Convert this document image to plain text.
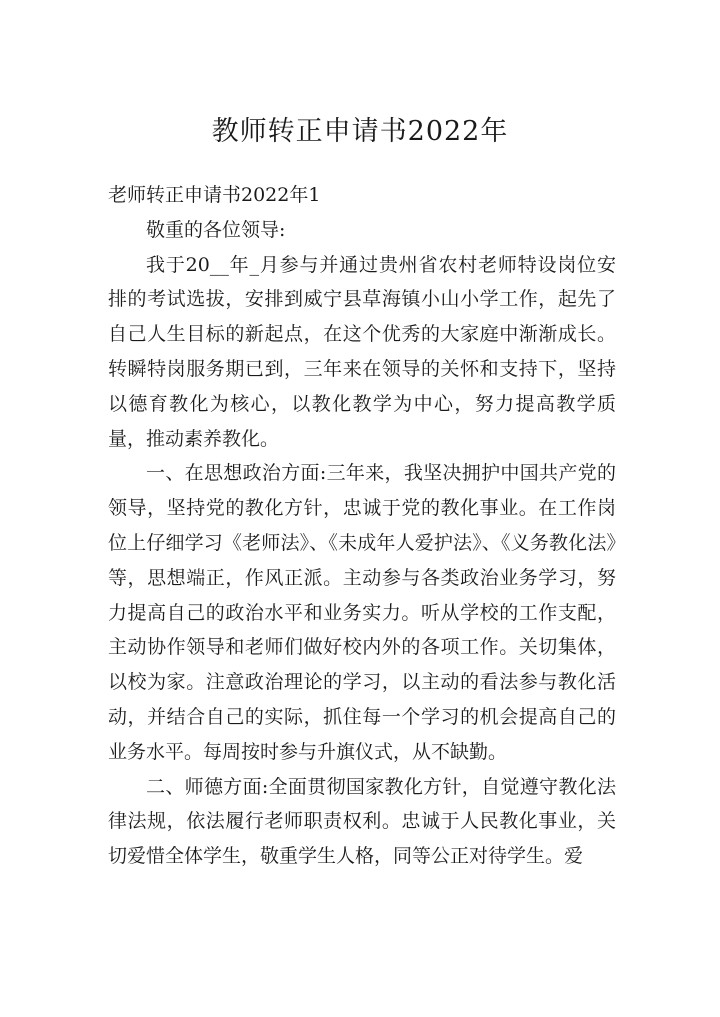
教师转正申请书2022年

老师转正申请书2022年1

敬重的各位领导:

我于20__年_月参与并通过贵州省农村老师特设岗位安排的考试选拔，安排到威宁县草海镇小山小学工作，起先了自己人生目标的新起点，在这个优秀的大家庭中渐渐成长。转瞬特岗服务期已到，三年来在领导的关怀和支持下，坚持以德育教化为核心，以教化教学为中心，努力提高教学质量，推动素养教化。

一、在思想政治方面:三年来，我坚决拥护中国共产党的领导，坚持党的教化方针，忠诚于党的教化事业。在工作岗位上仔细学习《老师法》、《未成年人爱护法》、《义务教化法》等，思想端正，作风正派。主动参与各类政治业务学习，努力提高自己的政治水平和业务实力。听从学校的工作支配，主动协作领导和老师们做好校内外的各项工作。关切集体，以校为家。注意政治理论的学习，以主动的看法参与教化活动，并结合自己的实际，抓住每一个学习的机会提高自己的业务水平。每周按时参与升旗仪式，从不缺勤。

二、师德方面:全面贯彻国家教化方针，自觉遵守教化法律法规，依法履行老师职责权利。忠诚于人民教化事业，关切爱惜全体学生，敬重学生人格，同等公正对待学生。爱
